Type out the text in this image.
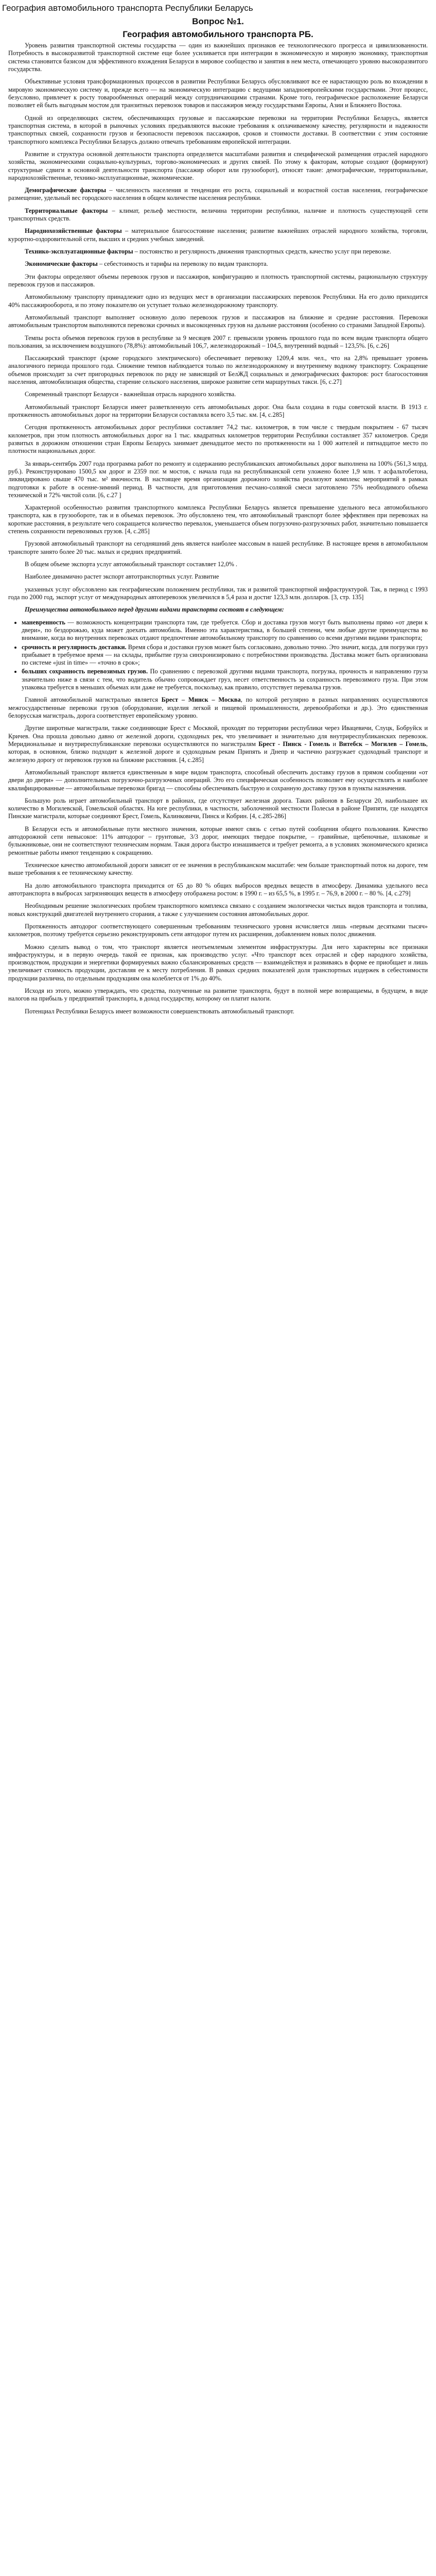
География автомобильного транспорта Республики Беларусь
Вопрос №1.
География автомобильного транспорта РБ.

Уровень развития транспортной системы государства — один из важнейших признаков ее технологического прогресса и цивилизованности. Потребность в высокоразвитой транспортной системе еще более усиливается при интеграции в экономическую и мировую экономику, транспортная система становится базисом для эффективного вхождения Беларуси в мировое сообщество и занятия в нем места, отвечающего уровню высокоразвитого государства.

Объективные условия трансформационных процессов в развитии Республики Беларусь обусловливают все ее нарастающую роль во вхождении в мировую экономическую систему и, прежде всего — на экономическую интеграцию с ведущими западноевропейскими государствами. Этот процесс, безусловно, привлечет к росту товарообменных операций между сотрудничающими странами. Кроме того, географическое расположение Беларуси позволяет ей быть выгодным мостом для транзитных перевозок товаров и пассажиров между государствами Европы, Азии и Ближнего Востока.

Одной из определяющих систем, обеспечивающих грузовые и пассажирские перевозки на территории Республики Беларусь, является транспортная система, в которой в рыночных условиях предъявляются высокие требования к оплачиваемому качеству, регулярности и надежности транспортных связей, сохранности грузов и безопасности перевозок пассажиров, сроков и стоимости доставки. В соответствии с этим состояние транспортного комплекса Республики Беларусь должно отвечать требованиям европейской интеграции.

Развитие и структура основной деятельности транспорта определяется масштабами развития и специфической размещения отраслей народного хозяйства, экономическими социально-культурных, торгово-экономических и других связей. По этому к факторам, которые создают (формируют) структурные сдвиги в основной деятельности транспорта (пассажир оборот или грузооборот), относят такие: демографические, территориальные, народнохозяйственные, технико-эксплуатационные, экономические.

Демографические факторы – численность населения и тенденции его роста, социальный и возрастной состав населения, географическое размещение, удельный вес городского населения в общем количестве населения республики.

Территориальные факторы – климат, рельеф местности, величина территории республики, наличие и плотность существующей сети транспортных средств.

Народнохозяйственные факторы – материальное благосостояние населения; развитие важнейших отраслей народного хозяйства, торговли, курортно-оздоровительной сети, высших и средних учебных заведений.

Технико-эксплуатационные факторы – постоянство и регулярность движения транспортных средств, качество услуг при перевозке.

Экономические факторы – себестоимость и тарифы на перевозку по видам транспорта.

Эти факторы определяют объемы перевозок грузов и пассажиров, конфигурацию и плотность транспортной системы, рациональную структуру перевозок грузов и пассажиров.

Автомобильному транспорту принадлежит одно из ведущих мест в организации пассажирских перевозок Республики. На его долю приходится 40% пассажирооборота, и по этому показателю он уступает только железнодорожному транспорту.

Автомобильный транспорт выполняет основную долю перевозок грузов и пассажиров на ближние и средние расстояния. Перевозки автомобильным транспортом выполняются перевозки срочных и высокоценных грузов на дальние расстояния (особенно со странами Западной Европы).

Темпы роста объемов перевозок грузов в республике за 9 месяцев 2007 г. превысили уровень прошлого года по всем видам транспорта общего пользования, за исключением воздушного (78,8%): автомобильный 106,7, железнодорожный – 104,5, внутренний водный – 123,5%. [6, c.26]

Пассажирский транспорт (кроме городского электрического) обеспечивает перевозку 1209,4 млн. чел., что на 2,8% превышает уровень аналогичного периода прошлого года. Снижение темпов наблюдается только по железнодорожному и внутреннему водному транспорту. Сокращение объемов происходит за счет пригородных перевозок по ряду не зависящий от БелЖД социальных и демографических факторов: рост благосостояния населения, автомобилизация общества, старение сельского населения, широкое развитие сети маршрутных такси. [6, c.27]

Современный транспорт Беларуси - важнейшая отрасль народного хозяйства.

Автомобильный транспорт Беларуси имеет разветвленную сеть автомобильных дорог. Она была создана в годы советской власти. В 1913 г. протяженность автомобильных дорог на территории Беларуси составляла всего 3,5 тыс. км. [4, c.285]

Сегодня протяженность автомобильных дорог республики составляет 74,2 тыс. километров, в том числе с твердым покрытием - 67 тысяч километров, при этом плотность автомобильных дорог на 1 тыс. квадратных километров территории Республики составляет 357 километров. Среди развитых в дорожном отношении стран Европы Беларусь занимает двенадцатое место по протяженности на 1 000 жителей и пятнадцатое место по плотности национальных дорог.

За январь-сентябрь 2007 года программа работ по ремонту и содержанию республиканских автомобильных дорог выполнена на 100% (561,3 млрд. руб.). Реконструировано 1500,5 км дорог и 2359 пог. м мостов, с начала года на республиканской сети уложено более 1,9 млн. т асфальтобетона, ликвидировано свыше 470 тыс. м² ямочности. В настоящее время организации дорожного хозяйства реализуют комплекс мероприятий в рамках подготовки к работе в осенне-зимний период. В частности, для приготовления песчано-соляной смеси заготовлено 75% необходимого объема технической и 72% чистой соли. [6, c.27 ]

Характерной особенностью развития транспортного комплекса Республики Беларусь является превышение удельного веса автомобильного транспорта, как в грузообороте, так и в объемах перевозок. Это обусловлено тем, что автомобильный транспорт более эффективен при перевозках на короткие расстояния, в результате чего сокращается количество перевалок, уменьшается объем погрузочно-разгрузочных работ, значительно повышается степень сохранности перевозимых грузов. [4, c.285]

Грузовой автомобильный транспорт на сегодняшний день является наиболее массовым в нашей республике. В настоящее время в автомобильном транспорте занято более 20 тыс. малых и средних предприятий.

В общем объеме экспорта услуг автомобильный транспорт составляет 12,0% .

Наиболее динамично растет экспорт автотранспортных услуг. Развитие

указанных услуг обусловлено как географическим положением республики, так и развитой транспортной инфраструктурой. Так, в период с 1993 года по 2000 год, экспорт услуг от международных автоперевозок увеличился в 5,4 раза и достиг 123,3 млн. долларов. [3, стр. 135]

Преимущества автомобильного перед другими видами транспорта состоят в следующем:

• маневренность — возможность концентрации транспорта там, где требуется. Сбор и доставка грузов могут быть выполнены прямо «от двери к двери», по бездорожью, куда может доехать автомобиль. Именно эта характеристика, в большей степени, чем любые другие преимущества во внимание, когда во внутренних перевозках отдают предпочтение автомобильному транспорту по сравнению со всеми другими видами транспорта;
• срочность и регулярность доставки. Время сбора и доставки грузов может быть согласовано, довольно точно. Это значит, когда, для погрузки груз прибывает в требуемое время — на склады, прибытие груза синхронизировано с потребностями производства. Доставка может быть организована по системе «just in time» — «точно в срок»;
• больших сохранность перевозимых грузов. По сравнению с перевозкой другими видами транспорта, погрузка, прочность и направлению груза значительно ниже в связи с тем, что водитель обычно сопровождает груз, несет ответственность за сохранность перевозимого груза. При этом упаковка требуется в меньших объемах или даже не требуется, поскольку, как правило, отсутствует перевалка грузов.

Главной автомобильной магистралью является Брест – Минск – Москва, по которой регулярно в разных направлениях осуществляются межгосударственные перевозки грузов (оборудование, изделия легкой и пищевой промышленности, деревообработки и др.). Это единственная белорусская магистраль, дорога соответствует европейскому уровню.

Другие широтные магистрали, также соединяющие Брест с Москвой, проходят по территории республики через Ивацевичи, Слуцк, Бобруйск и Кричев. Она прошла довольно давно от железной дороги, судоходных рек, что увеличивает и значительно для внутриреспубликанских перевозок. Меридиональные и внутриреспубликанские перевозки осуществляются по магистралям Брест - Пинск - Гомель и Витебск – Могилев – Гомель, которая, в основном, близко подходит к железной дороге и судоходным рекам Припять и Днепр и частично разгружает судоходный транспорт и железную дорогу от перевозок грузов на ближние расстояния. [4, c.285]

Автомобильный транспорт является единственным в мире видом транспорта, способный обеспечить доставку грузов в прямом сообщении «от двери до двери» — дополнительных погрузочно-разгрузочных операций. Это его специфическая особенность позволяет ему осуществлять и наиболее квалифицированные — автомобильные перевозки бригад — способны обеспечивать быструю и сохранную доставку грузов в пункты назначения.

Большую роль играет автомобильный транспорт в районах, где отсутствует железная дорога. Таких районов в Беларуси 20, наибольшее их количество в Могилевской, Гомельской областях. На юге республики, в частности, заболоченной местности Полесья в районе Припяти, где находятся Пинские магистрали, которые соединяют Брест, Гомель, Калинковичи, Пинск и Кобрин. [4, c.285-286]

В Беларуси есть и автомобильные пути местного значения, которые имеют связь с сетью путей сообщения общего пользования. Качество автодорожной сети невысокое: 11% автодорог – грунтовые, 3/3 дорог, имеющих твердое покрытие, – гравийные, щебеночные, шлаковые и булыжниковые, они не соответствуют техническим нормам. Такая дорога быстро изнашивается и требует ремонта, а в условиях экономического кризиса ремонтные работы имеют тенденцию к сокращению.

Техническое качество автомобильной дороги зависит от ее значения в республиканском масштабе: чем больше транспортный поток на дороге, тем выше требования к ее техническому качеству.

На долю автомобильного транспорта приходится от 65 до 80 % общих выбросов вредных веществ в атмосферу. Динамика удельного веса автотранспорта в выбросах загрязняющих веществ в атмосферу отображена ростом: в 1990 г. – из 65,5 %, в 1995 г. – 76,9, в 2000 г. – 80 %. [4, c.279]

Необходимым решение экологических проблем транспортного комплекса связано с созданием экологически чистых видов транспорта и топлива, новых конструкций двигателей внутреннего сгорания, а также с улучшением состояния автомобильных дорог.

Протяженность автодорог соответствующего совершенным требованиям технического уровня исчисляется лишь «первым десятками тысяч» километров, поэтому требуется серьезно реконструировать сети автодорог путем их расширения, добавлением новых полос движения.

Можно сделать вывод о том, что транспорт является неотъемлемым элементом инфраструктуры. Для него характерны все признаки инфраструктуры, и в первую очередь такой ее признак, как производство услуг. «Что транспорт всех отраслей и сфер народного хозяйства, производством, продукции и энергетики формируемых важно сбалансированных средств — взаимодействуя и развиваясь в форме ее приобщает и лишь увеличивает стоимость продукции, доставляя ее к месту потребления. В рамках средних показателей доля транспортных издержек в себестоимости продукции различна, по отдельным продукциям она колеблется от 1% до 40%.

Исходя из этого, можно утверждать, что средства, полученные на развитие транспорта, будут в полной мере возвращаемы, в будущем, в виде налогов на прибыль у предприятий транспорта, в доход государству, которому он платит налоги.

Потенциал Республики Беларусь имеет возможности совершенствовать автомобильный транспорт.
